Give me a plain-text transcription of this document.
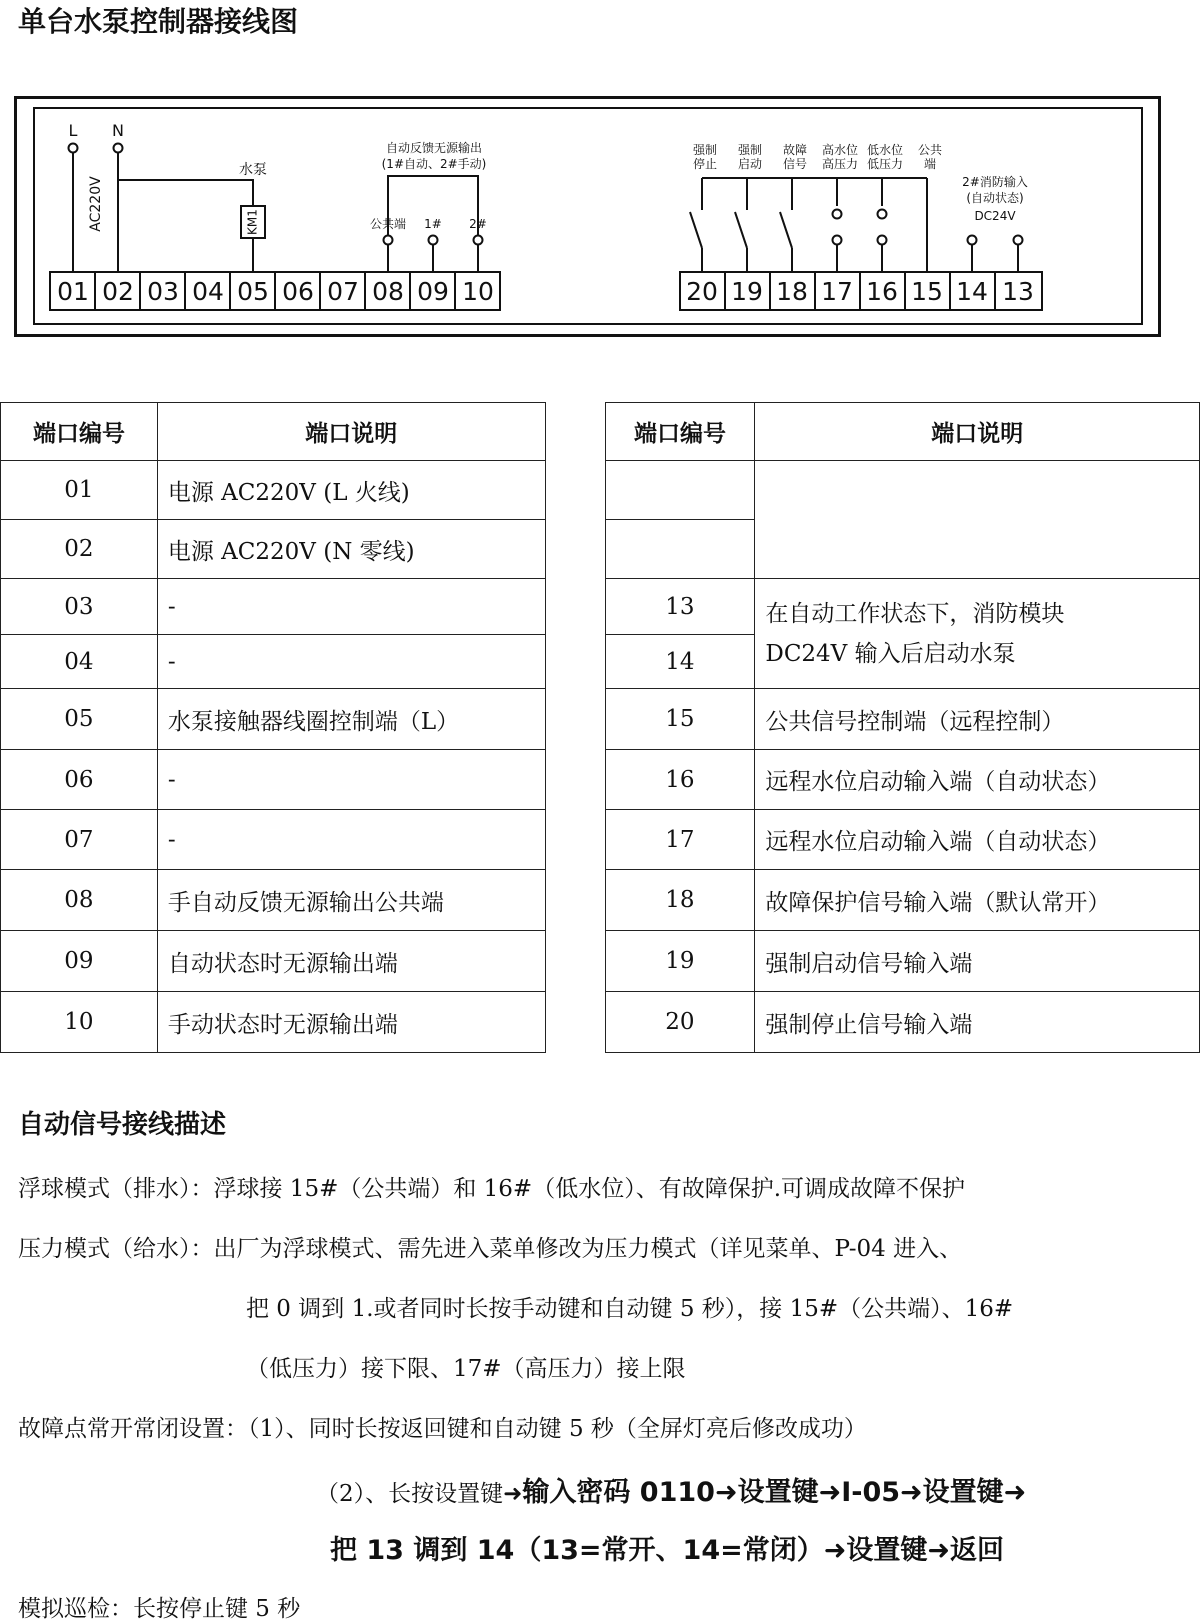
单台水泵控制器接线图
01 02 03 04 05 06 07 08 09 10	20 19 18 17 16 15 14 13
KM1
L N
AC220V
水泵
自动反馈无源输出
(1#自动、2#手动)
公共端 1# 2#
强制
停止
强制
启动
故障
信号
高水位
高压力
低水位
低压力
公共
端
2#消防输入
(自动状态)
DC24V
端口编号	端口说明		端口编号	端口说明
01	电源 AC220V (L 火线)			
02	电源 AC220V (N 零线)			
03	-		13	在自动工作状态下，消防模块
DC24V 输入后启动水泵

04	-		14	
05	水泵接触器线圈控制端（L）		15	公共信号控制端（远程控制）
06	-		16	远程水位启动输入端（自动状态）
07	-		17	远程水位启动输入端（自动状态）
08	手自动反馈无源输出公共端		18	故障保护信号输入端（默认常开）
09	自动状态时无源输出端		19	强制启动信号输入端
10	手动状态时无源输出端		20	强制停止信号输入端
自动信号接线描述
浮球模式（排水）：浮球接 15#（公共端）和 16#（低水位）、有故障保护.可调成故障不保护
压力模式（给水）：出厂为浮球模式、需先进入菜单修改为压力模式（详见菜单、P-04 进入、
把 0 调到 1.或者同时长按手动键和自动键 5 秒），接 15#（公共端）、16#
（低压力）接下限、17#（高压力）接上限
故障点常开常闭设置：（1）、同时长按返回键和自动键 5 秒（全屏灯亮后修改成功）
（2）、长按设置键➜输入密码 0110➜设置键➜I-05➜设置键➜
把 13 调到 14（13=常开、14=常闭）➜设置键➜返回
模拟巡检：长按停止键 5 秒
